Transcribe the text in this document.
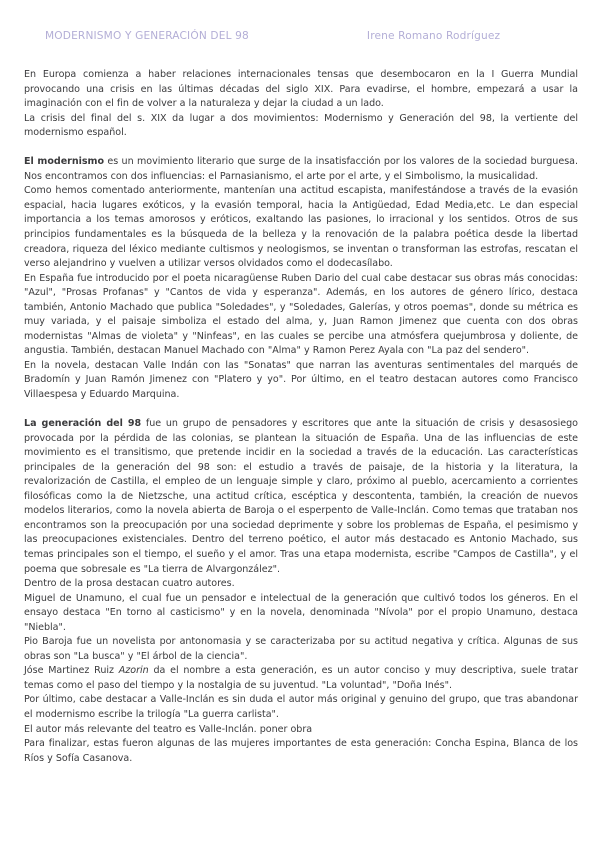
MODERNISMO Y GENERACIÓN DEL 98	Irene Romano Rodríguez

En Europa comienza a haber relaciones internacionales tensas que desembocaron en la I Guerra Mundial provocando una crisis en las últimas décadas del siglo XIX. Para evadirse, el hombre, empezará a usar la imaginación con el fin de volver a la naturaleza y dejar la ciudad a un lado.

La crisis del final del s. XIX da lugar a dos movimientos: Modernismo y Generación del 98, la vertiente del modernismo español.

El modernismo es un movimiento literario que surge de la insatisfacción por los valores de la sociedad burguesa. Nos encontramos con dos influencias: el Parnasianismo, el arte por el arte, y el Simbolismo, la musicalidad.

Como hemos comentado anteriormente, mantenían una actitud escapista, manifestándose a través de la evasión espacial, hacia lugares exóticos, y la evasión temporal, hacia la Antigüedad, Edad Media,etc. Le dan especial importancia a los temas amorosos y eróticos, exaltando las pasiones, lo irracional y los sentidos. Otros de sus principios fundamentales es la búsqueda de la belleza y la renovación de la palabra poética desde la libertad creadora, riqueza del léxico mediante cultismos y neologismos, se inventan o transforman las estrofas, rescatan el verso alejandrino y vuelven a utilizar versos olvidados como el dodecasílabo.

En España fue introducido por el poeta nicaragüense Ruben Dario del cual cabe destacar sus obras más conocidas: "Azul", "Prosas Profanas" y "Cantos de vida y esperanza". Además, en los autores de género lírico, destaca también, Antonio Machado que publica "Soledades", y "Soledades, Galerías, y otros poemas", donde su métrica es muy variada, y el paisaje simboliza el estado del alma, y, Juan Ramon Jimenez que cuenta con dos obras modernistas "Almas de violeta" y "Ninfeas", en las cuales se percibe una atmósfera quejumbrosa y doliente, de angustia. También, destacan Manuel Machado con "Alma" y Ramon Perez Ayala con "La paz del sendero".

En la novela, destacan Valle Indán con las "Sonatas" que narran las aventuras sentimentales del marqués de Bradomín y Juan Ramón Jimenez con "Platero y yo". Por último, en el teatro destacan autores como Francisco Villaespesa y Eduardo Marquina.

La generación del 98 fue un grupo de pensadores y escritores que ante la situación de crisis y desasosiego provocada por la pérdida de las colonias, se plantean la situación de España. Una de las influencias de este movimiento es el transitismo, que pretende incidir en la sociedad a través de la educación. Las características principales de la generación del 98 son: el estudio a través de paisaje, de la historia y la literatura, la revalorización de Castilla, el empleo de un lenguaje simple y claro, próximo al pueblo, acercamiento a corrientes filosóficas como la de Nietzsche, una actitud crítica, escéptica y descontenta, también, la creación de nuevos modelos literarios, como la novela abierta de Baroja o el esperpento de Valle-Inclán. Como temas que trataban nos encontramos son la preocupación por una sociedad deprimente y sobre los problemas de España, el pesimismo y las preocupaciones existenciales. Dentro del terreno poético, el autor más destacado es Antonio Machado, sus temas principales son el tiempo, el sueño y el amor. Tras una etapa modernista, escribe "Campos de Castilla", y el poema que sobresale es "La tierra de Alvargonzález".

Dentro de la prosa destacan cuatro autores.

Miguel de Unamuno, el cual fue un pensador e intelectual de la generación que cultivó todos los géneros. En el ensayo destaca "En torno al casticismo" y en la novela, denominada "Nívola" por el propio Unamuno, destaca "Niebla".

Pio Baroja fue un novelista por antonomasia y se caracterizaba por su actitud negativa y crítica. Algunas de sus obras son "La busca" y "El árbol de la ciencia".

Jóse Martinez Ruiz Azorin da el nombre a esta generación, es un autor conciso y muy descriptiva, suele tratar temas como el paso del tiempo y la nostalgia de su juventud. "La voluntad", "Doña Inés".

Por último, cabe destacar a Valle-Inclán es sin duda el autor más original y genuino del grupo, que tras abandonar el modernismo escribe la trilogía "La guerra carlista".

El autor más relevante del teatro es Valle-Inclán. poner obra

Para finalizar, estas fueron algunas de las mujeres importantes de esta generación: Concha Espina, Blanca de los Ríos y Sofía Casanova.
